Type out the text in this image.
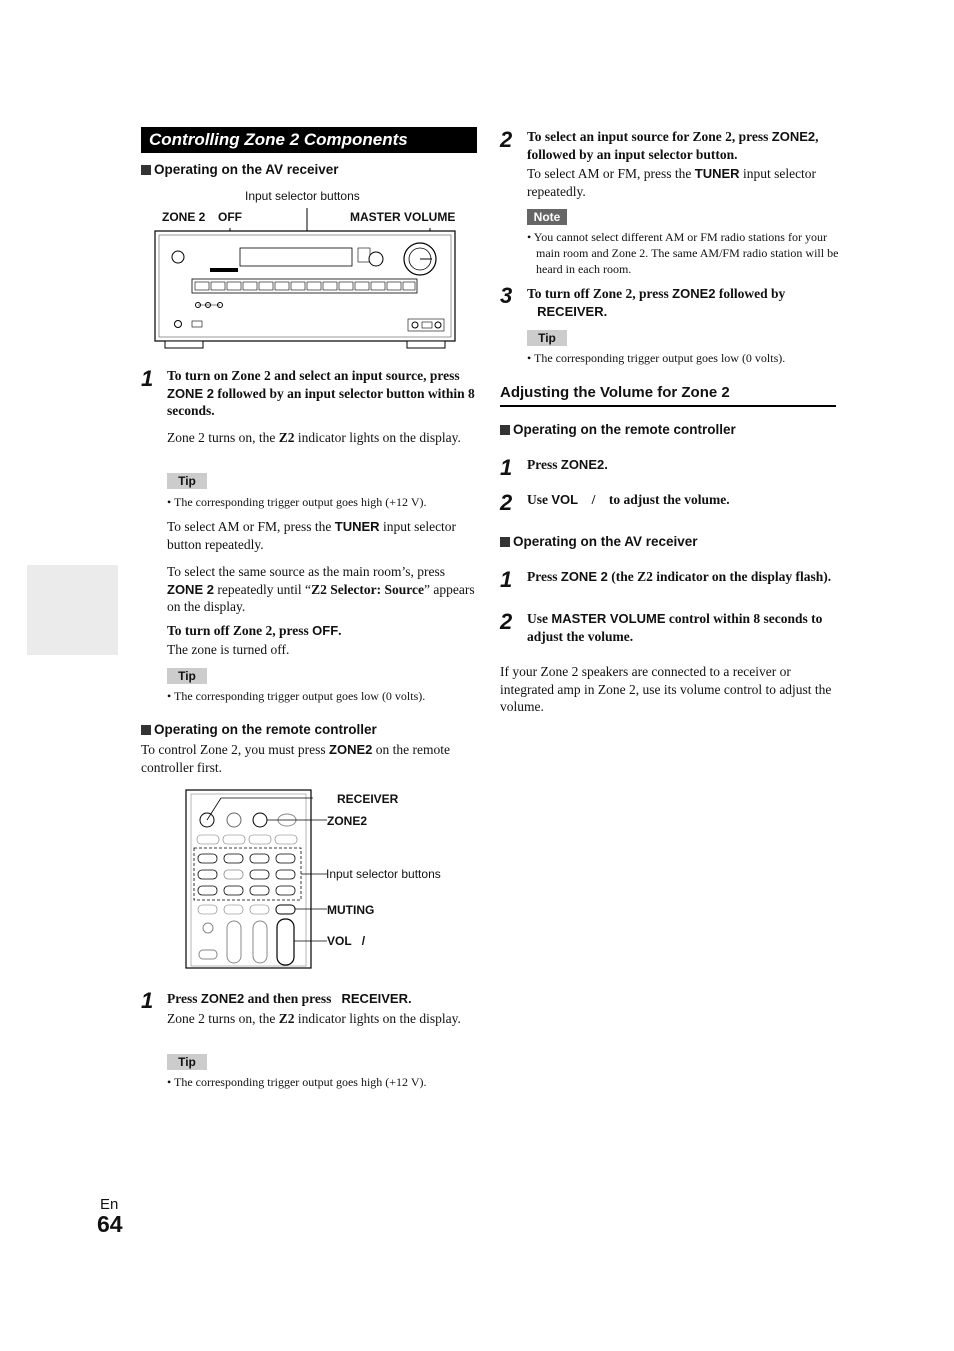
Controlling Zone 2 Components
Operating on the AV receiver
Input selector buttons
ZONE 2 OFF	MASTER VOLUME
1 To turn on Zone 2 and select an input source, press ZONE 2 followed by an input selector button within 8 seconds.
Zone 2 turns on, the Z2 indicator lights on the display.
Tip
• The corresponding trigger output goes high (+12 V).
To select AM or FM, press the TUNER input selector button repeatedly.
To select the same source as the main room’s, press ZONE 2 repeatedly until “Z2 Selector: Source” appears on the display.
To turn off Zone 2, press OFF.
The zone is turned off.
Tip
• The corresponding trigger output goes low (0 volts).
Operating on the remote controller
To control Zone 2, you must press ZONE2 on the remote controller first.
RECEIVER
ZONE2
Input selector buttons
MUTING
VOL /
1 Press ZONE2 and then press RECEIVER.
Zone 2 turns on, the Z2 indicator lights on the display.
Tip
• The corresponding trigger output goes high (+12 V).
2 To select an input source for Zone 2, press ZONE2, followed by an input selector button.
To select AM or FM, press the TUNER input selector repeatedly.
Note
• You cannot select different AM or FM radio stations for your main room and Zone 2. The same AM/FM radio station will be heard in each room.
3 To turn off Zone 2, press ZONE2 followed by
RECEIVER.
Tip
• The corresponding trigger output goes low (0 volts).
Adjusting the Volume for Zone 2
Operating on the remote controller
1 Press ZONE2.
2 Use VOL / to adjust the volume.
Operating on the AV receiver
1 Press ZONE 2 (the Z2 indicator on the display flash).
2 Use MASTER VOLUME control within 8 seconds to adjust the volume.
If your Zone 2 speakers are connected to a receiver or integrated amp in Zone 2, use its volume control to adjust the volume.
En
64
